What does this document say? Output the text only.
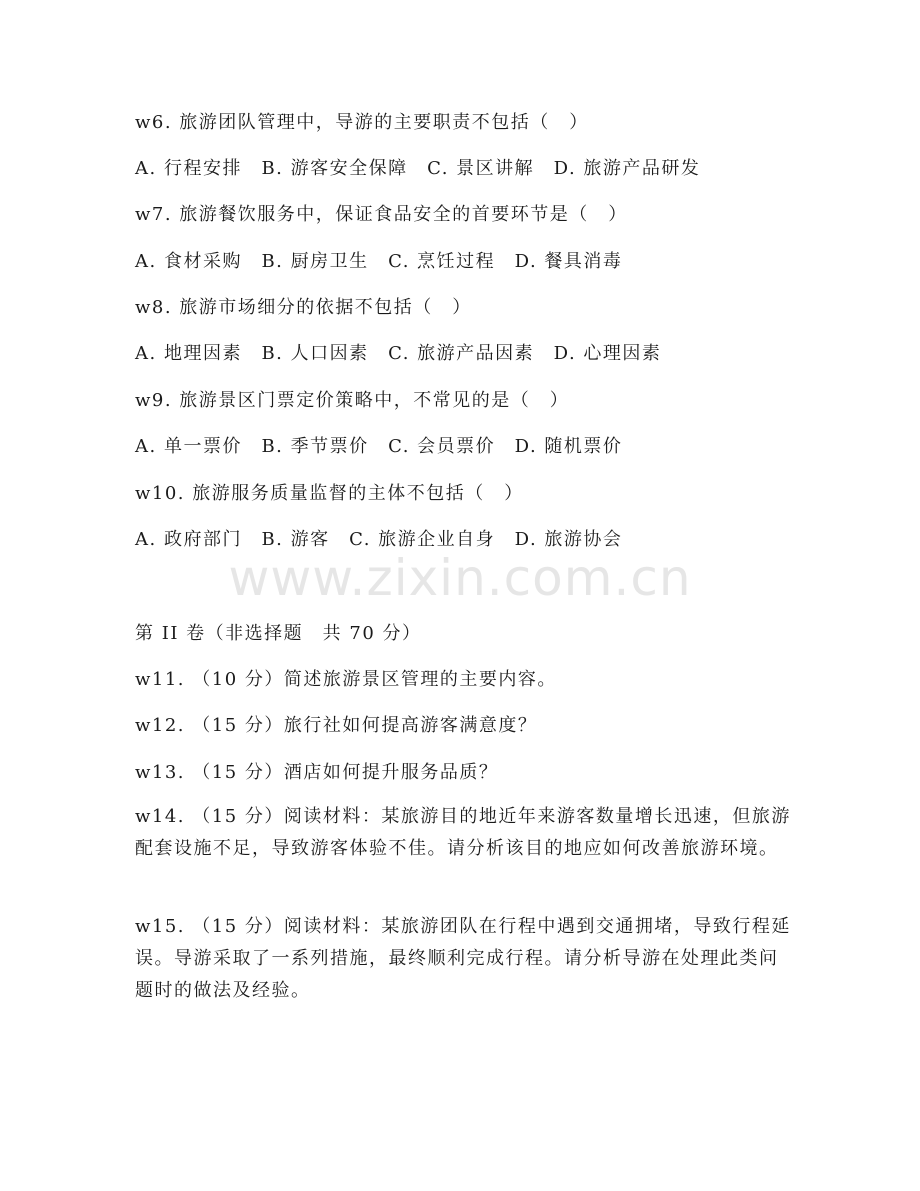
w6. 旅游团队管理中，导游的主要职责不包括（　）
A. 行程安排　B. 游客安全保障　C. 景区讲解　D. 旅游产品研发
w7. 旅游餐饮服务中，保证食品安全的首要环节是（　）
A. 食材采购　B. 厨房卫生　C. 烹饪过程　D. 餐具消毒
w8. 旅游市场细分的依据不包括（　）
A. 地理因素　B. 人口因素　C. 旅游产品因素　D. 心理因素
w9. 旅游景区门票定价策略中，不常见的是（　）
A. 单一票价　B. 季节票价　C. 会员票价　D. 随机票价
w10. 旅游服务质量监督的主体不包括（　）
A. 政府部门　B. 游客　C. 旅游企业自身　D. 旅游协会
www.zixin.com.cn
第 II 卷（非选择题　共 70 分）
w11. （10 分）简述旅游景区管理的主要内容。
w12. （15 分）旅行社如何提高游客满意度？
w13. （15 分）酒店如何提升服务品质？
w14. （15 分）阅读材料：某旅游目的地近年来游客数量增长迅速，但旅游配套设施不足，导致游客体验不佳。请分析该目的地应如何改善旅游环境。
w15. （15 分）阅读材料：某旅游团队在行程中遇到交通拥堵，导致行程延误。导游采取了一系列措施，最终顺利完成行程。请分析导游在处理此类问题时的做法及经验。
